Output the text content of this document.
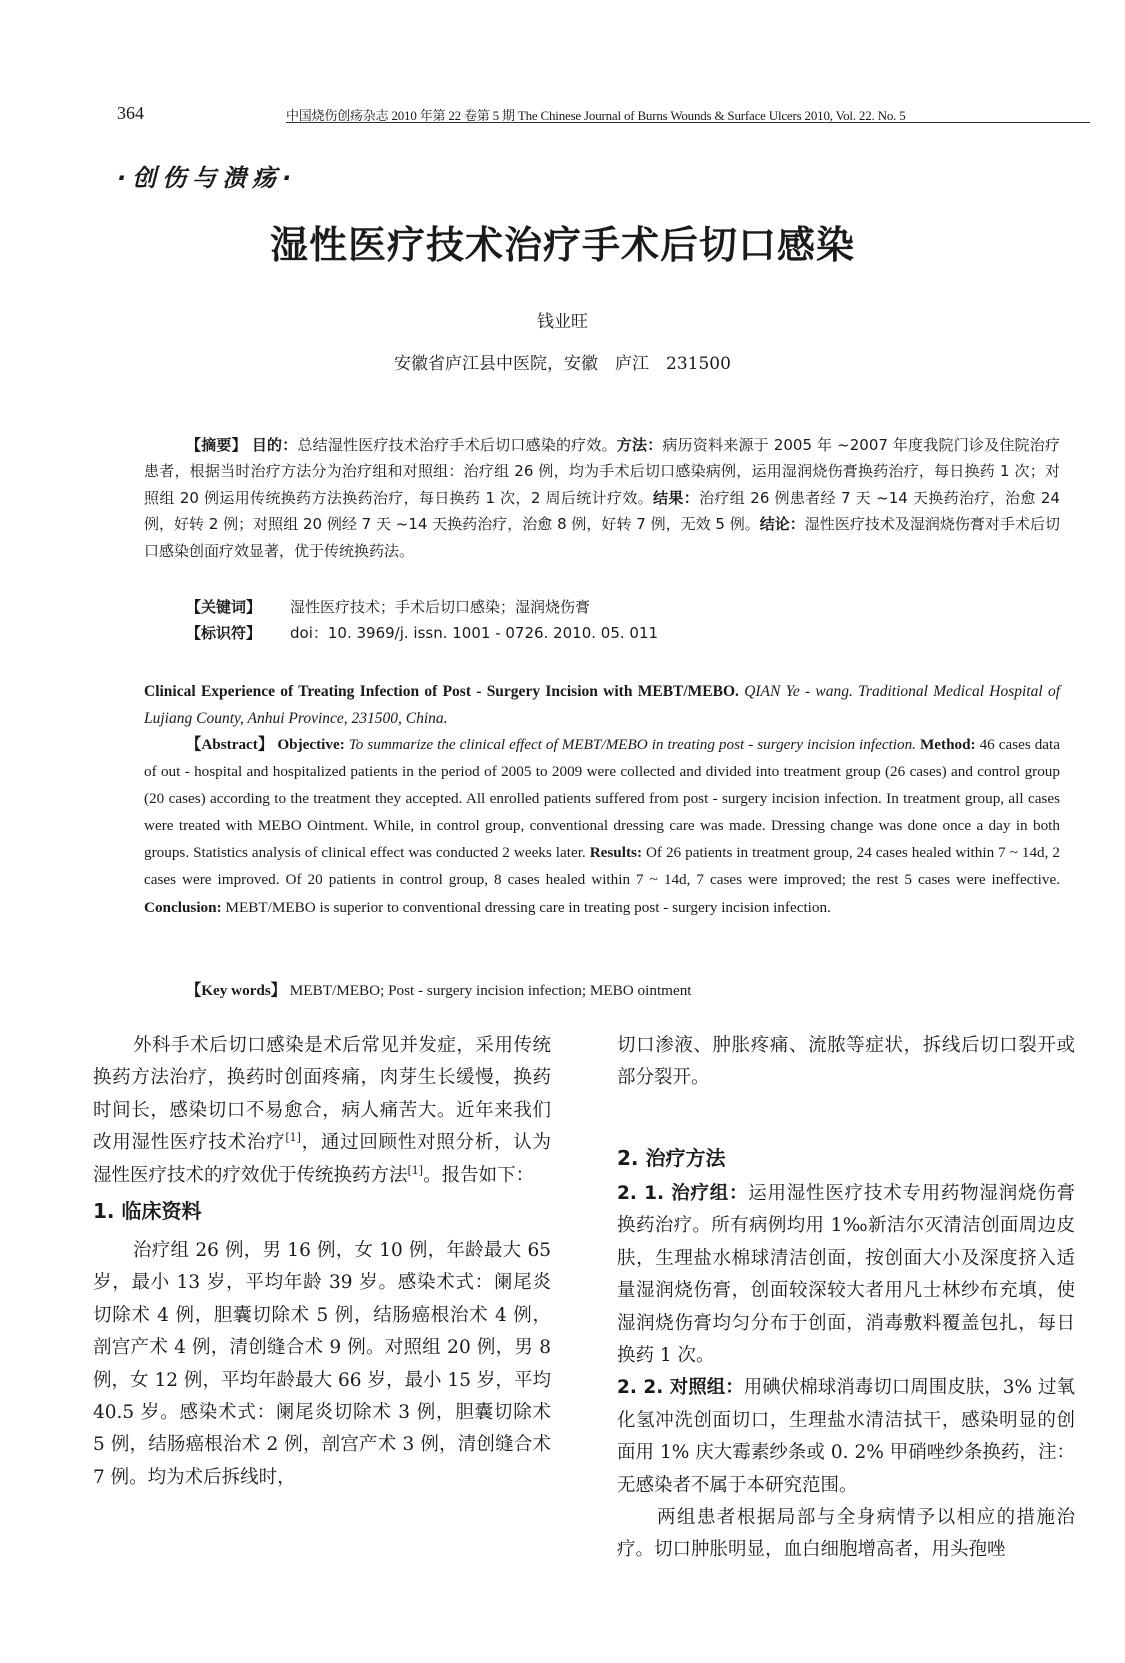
364	中国烧伤创疡杂志 2010 年第 22 卷第 5 期 The Chinese Journal of Burns Wounds & Surface Ulcers 2010, Vol. 22. No. 5
·创伤与溃疡·
湿性医疗技术治疗手术后切口感染
钱业旺
安徽省庐江县中医院，安徽　庐江　231500
【摘要】 目的：总结湿性医疗技术治疗手术后切口感染的疗效。方法：病历资料来源于 2005 年 ~2007 年度我院门诊及住院治疗患者，根据当时治疗方法分为治疗组和对照组：治疗组 26 例，均为手术后切口感染病例，运用湿润烧伤膏换药治疗，每日换药 1 次；对照组 20 例运用传统换药方法换药治疗，每日换药 1 次，2 周后统计疗效。结果：治疗组 26 例患者经 7 天 ~14 天换药治疗，治愈 24 例，好转 2 例；对照组 20 例经 7 天 ~14 天换药治疗，治愈 8 例，好转 7 例，无效 5 例。结论：湿性医疗技术及湿润烧伤膏对手术后切口感染创面疗效显著，优于传统换药法。
【关键词】 湿性医疗技术；手术后切口感染；湿润烧伤膏
【标识符】 doi：10. 3969/j. issn. 1001 - 0726. 2010. 05. 011
Clinical Experience of Treating Infection of Post - Surgery Incision with MEBT/MEBO. QIAN Ye - wang. Traditional Medical Hospital of Lujiang County, Anhui Province, 231500, China.
【Abstract】 Objective: To summarize the clinical effect of MEBT/MEBO in treating post - surgery incision infection. Method: 46 cases data of out - hospital and hospitalized patients in the period of 2005 to 2009 were collected and divided into treatment group (26 cases) and control group (20 cases) according to the treatment they accepted. All enrolled patients suffered from post - surgery incision infection. In treatment group, all cases were treated with MEBO Ointment. While, in control group, conventional dressing care was made. Dressing change was done once a day in both groups. Statistics analysis of clinical effect was conducted 2 weeks later. Results: Of 26 patients in treatment group, 24 cases healed within 7 ~ 14d, 2 cases were improved. Of 20 patients in control group, 8 cases healed within 7 ~ 14d, 7 cases were improved; the rest 5 cases were ineffective. Conclusion: MEBT/MEBO is superior to conventional dressing care in treating post - surgery incision infection.
【Key words】 MEBT/MEBO; Post - surgery incision infection; MEBO ointment

外科手术后切口感染是术后常见并发症，采用传统换药方法治疗，换药时创面疼痛，肉芽生长缓慢，换药时间长，感染切口不易愈合，病人痛苦大。近年来我们改用湿性医疗技术治疗[1]，通过回顾性对照分析，认为湿性医疗技术的疗效优于传统换药方法[1]。报告如下：

1. 临床资料

治疗组 26 例，男 16 例，女 10 例，年龄最大 65 岁，最小 13 岁，平均年龄 39 岁。感染术式：阑尾炎切除术 4 例，胆囊切除术 5 例，结肠癌根治术 4 例，剖宫产术 4 例，清创缝合术 9 例。对照组 20 例，男 8 例，女 12 例，平均年龄最大 66 岁，最小 15 岁，平均 40.5 岁。感染术式：阑尾炎切除术 3 例，胆囊切除术 5 例，结肠癌根治术 2 例，剖宫产术 3 例，清创缝合术 7 例。均为术后拆线时，

切口渗液、肿胀疼痛、流脓等症状，拆线后切口裂开或部分裂开。

2. 治疗方法

2. 1. 治疗组：运用湿性医疗技术专用药物湿润烧伤膏换药治疗。所有病例均用 1‰新洁尔灭清洁创面周边皮肤，生理盐水棉球清洁创面，按创面大小及深度挤入适量湿润烧伤膏，创面较深较大者用凡士林纱布充填，使湿润烧伤膏均匀分布于创面，消毒敷料覆盖包扎，每日换药 1 次。

2. 2. 对照组：用碘伏棉球消毒切口周围皮肤，3% 过氧化氢冲洗创面切口，生理盐水清洁拭干，感染明显的创面用 1% 庆大霉素纱条或 0. 2% 甲硝唑纱条换药，注：无感染者不属于本研究范围。

两组患者根据局部与全身病情予以相应的措施治疗。切口肿胀明显，血白细胞增高者，用头孢唑
